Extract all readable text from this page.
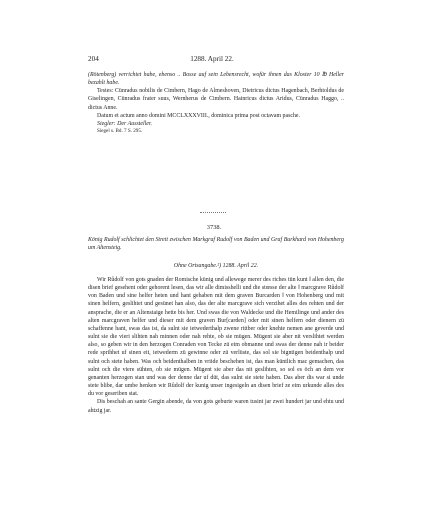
204	1288. April 22.

(Rötenberg) verrichtet habe, ebenso .. Bosse auf sein Lebensrecht, wofür ihnen das Kloster 10 ℔ Heller bezahlt habe.

Testes: Cünradus nobilis de Cimbern, Hago de Almeshoven, Dietricus dictus Hagenbach, Berhtoldus de Giselingen, Cünradus frater suus, Wernherus de Cimbern. Hainricus dictus Aridus, Cünradus Haggo, .. dictus Anne.

Datum et actum anno domini MCCLXXXVIII., dominica prima post octavam pasche.

Siegler: Der Aussteller.

Siegel s. Bd. 7 S. 295.

3738.

König Rudolf schlichtet den Streit zwischen Markgraf Rudolf von Baden und Graf Burkhard von Hohenberg um Altensteig.

Ohne Ortsangabe.²) 1288. April 22.

Wir Rûdolf von gots gnaden der Romische künig und allewege merer des riches tün kunt ‖ allen den, die disen brief gesehent oder gehorent lesen, das wir alle dimisshelli und die stœsse der alte ‖ marcgrave Rûdolf von Baden und sine helfer heten und hant gehaben mit dem graven Burcarden ‖ von Hohenberg und mit sinen helfern, geslihtet und gesünet han also, das der alte marcgrave sich verzihet alles des rehten und der ansprache, die er an Altenstaige hette bis her. Und swas die von Waldecke und die Hemilinge und ander des alten marcgraven helfer und dieser mit dem graven Bur[carden] oder mit sinen helfern oder dienern zü schaffenne hant, swas das ist, da sulnt sie ietwederthalp zwene rittber oder knehte nemen ane geverde und sulnt sie die vieri slihten nah minnen oder nah rehte, ob sie mügen. Mügent sie aber nit verslihtet werden also, so geben wir in den herzogen Conraden von Tecke zü eim obmanne und swas der denne nah ir beider rede sprihhet uf sinen eit, ietwederm zü gewinne oder zü verlüste, das sol sie bigntigen beidenthalp und sulnt och stete haben. Was och beidenthalben in vriide beschehen ist, das man küntlich mac gemachen, das sulnt och die viere sühten, ob sie mügen. Mügent sie aber das nit geslihten, so sol es öch an dem vor genanten herzogen stan und was der denne dar uf düt, das sulnt sie stete haben. Das aber dis war si unde stete blibe, dar umbe henken wir Rûdolf der kunig unser ingesigeln an disen brief ze eim urkunde alles des du vor geseriben stat.

Dis beschah an sante Gergin abende, da von gots geburte waren tusint jar zwei hundert jar und ehtu und ahtzig jar.
